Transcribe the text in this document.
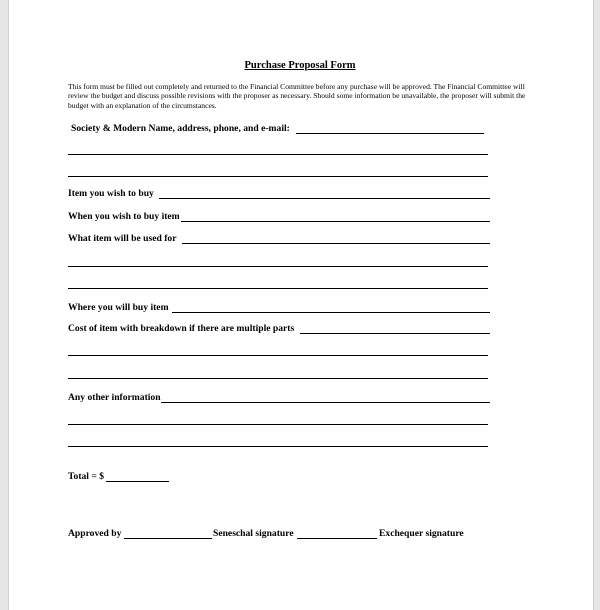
Purchase Proposal Form
This form must be filled out completely and returned to the Financial Committee before any purchase will be approved. The Financial Committee will review the budget and discuss possible revisions with the proposer as necessary. Should some information be unavailable, the proposer will submit the budget with an explanation of the circumstances.
Society & Modern Name, address, phone, and e-mail:
Item you wish to buy
When you wish to buy item
What item will be used for
Where you will buy item
Cost of item with breakdown if there are multiple parts
Any other information
Total = $
Approved by	Seneschal signature	Exchequer signature
